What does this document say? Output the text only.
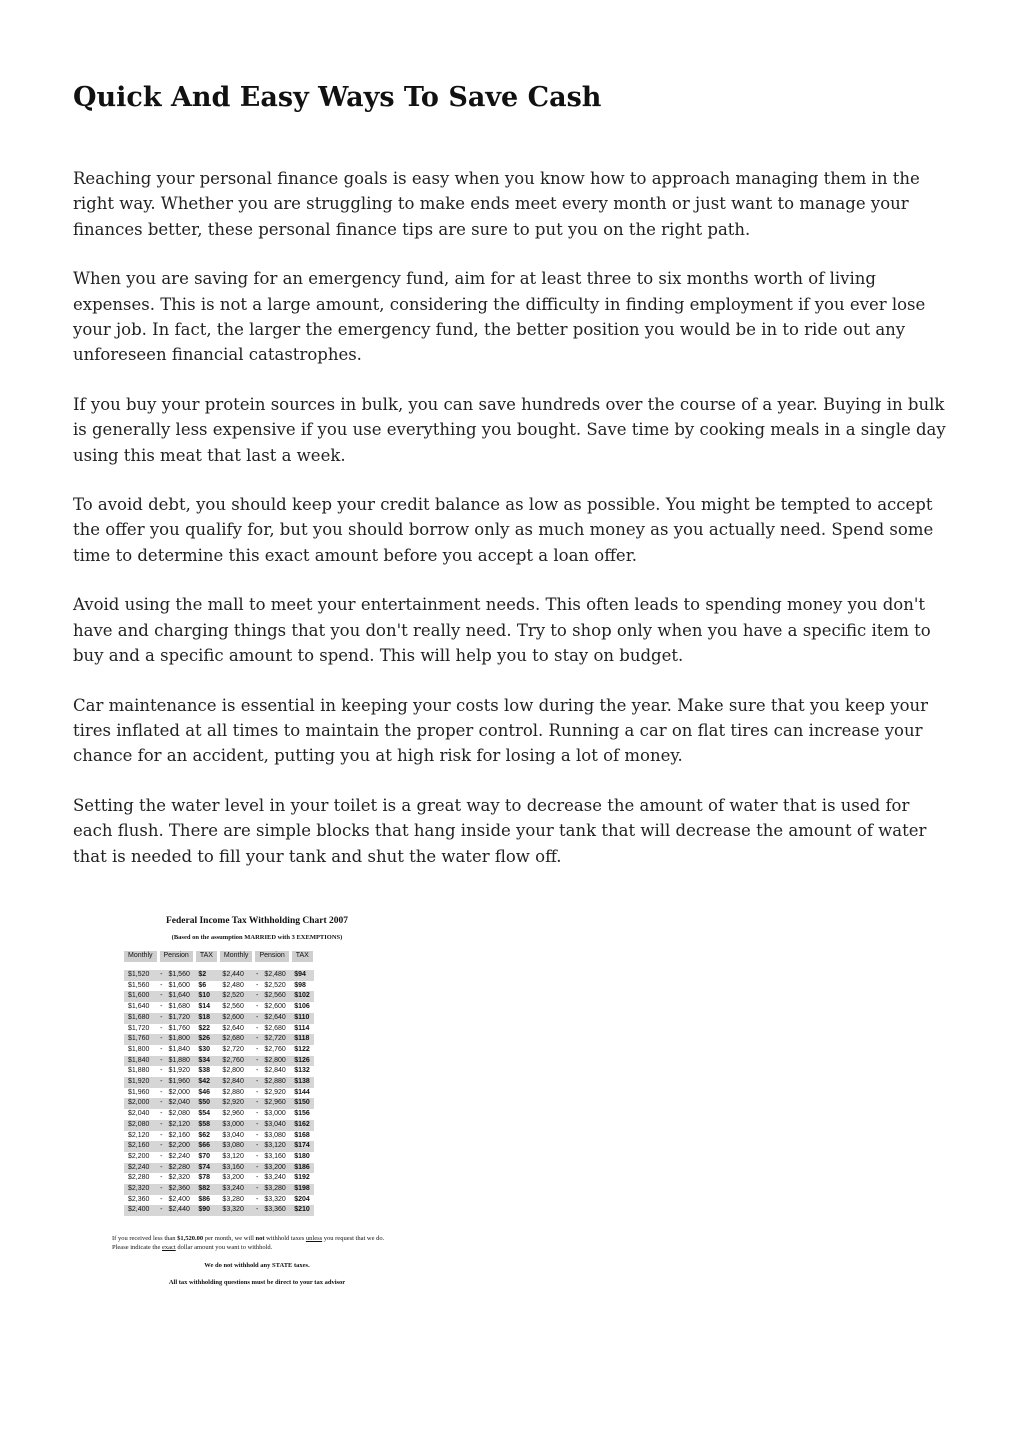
Quick And Easy Ways To Save Cash

Reaching your personal finance goals is easy when you know how to approach managing them in the right way. Whether you are struggling to make ends meet every month or just want to manage your finances better, these personal finance tips are sure to put you on the right path.

When you are saving for an emergency fund, aim for at least three to six months worth of living expenses. This is not a large amount, considering the difficulty in finding employment if you ever lose your job. In fact, the larger the emergency fund, the better position you would be in to ride out any unforeseen financial catastrophes.

If you buy your protein sources in bulk, you can save hundreds over the course of a year. Buying in bulk is generally less expensive if you use everything you bought. Save time by cooking meals in a single day using this meat that last a week.

To avoid debt, you should keep your credit balance as low as possible. You might be tempted to accept the offer you qualify for, but you should borrow only as much money as you actually need. Spend some time to determine this exact amount before you accept a loan offer.

Avoid using the mall to meet your entertainment needs. This often leads to spending money you don't have and charging things that you don't really need. Try to shop only when you have a specific item to buy and a specific amount to spend. This will help you to stay on budget.

Car maintenance is essential in keeping your costs low during the year. Make sure that you keep your tires inflated at all times to maintain the proper control. Running a car on flat tires can increase your chance for an accident, putting you at high risk for losing a lot of money.

Setting the water level in your toilet is a great way to decrease the amount of water that is used for each flush. There are simple blocks that hang inside your tank that will decrease the amount of water that is needed to fill your tank and shut the water flow off.

Federal Income Tax Withholding Chart 2007
(Based on the assumption MARRIED with 3 EXEMPTIONS)
Monthly	Pension		TAX	Monthly	Pension		TAX

$1,520	-	$1,560	$2	$2,440	-	$2,480	$94
$1,560	-	$1,600	$6	$2,480	-	$2,520	$98
$1,600	-	$1,640	$10	$2,520	-	$2,560	$102
$1,640	-	$1,680	$14	$2,560	-	$2,600	$106
$1,680	-	$1,720	$18	$2,600	-	$2,640	$110
$1,720	-	$1,760	$22	$2,640	-	$2,680	$114
$1,760	-	$1,800	$26	$2,680	-	$2,720	$118
$1,800	-	$1,840	$30	$2,720	-	$2,760	$122
$1,840	-	$1,880	$34	$2,760	-	$2,800	$126
$1,880	-	$1,920	$38	$2,800	-	$2,840	$132
$1,920	-	$1,960	$42	$2,840	-	$2,880	$138
$1,960	-	$2,000	$46	$2,880	-	$2,920	$144
$2,000	-	$2,040	$50	$2,920	-	$2,960	$150
$2,040	-	$2,080	$54	$2,960	-	$3,000	$156
$2,080	-	$2,120	$58	$3,000	-	$3,040	$162
$2,120	-	$2,160	$62	$3,040	-	$3,080	$168
$2,160	-	$2,200	$66	$3,080	-	$3,120	$174
$2,200	-	$2,240	$70	$3,120	-	$3,160	$180
$2,240	-	$2,280	$74	$3,160	-	$3,200	$186
$2,280	-	$2,320	$78	$3,200	-	$3,240	$192
$2,320	-	$2,360	$82	$3,240	-	$3,280	$198
$2,360	-	$2,400	$86	$3,280	-	$3,320	$204
$2,400	-	$2,440	$90	$3,320	-	$3,360	$210
If you received less than $1,520.00 per month, we will not withhold taxes unless you request that we do. Please indicate the exact dollar amount you want to withhold.
We do not withhold any STATE taxes.
All tax withholding questions must be direct to your tax advisor
